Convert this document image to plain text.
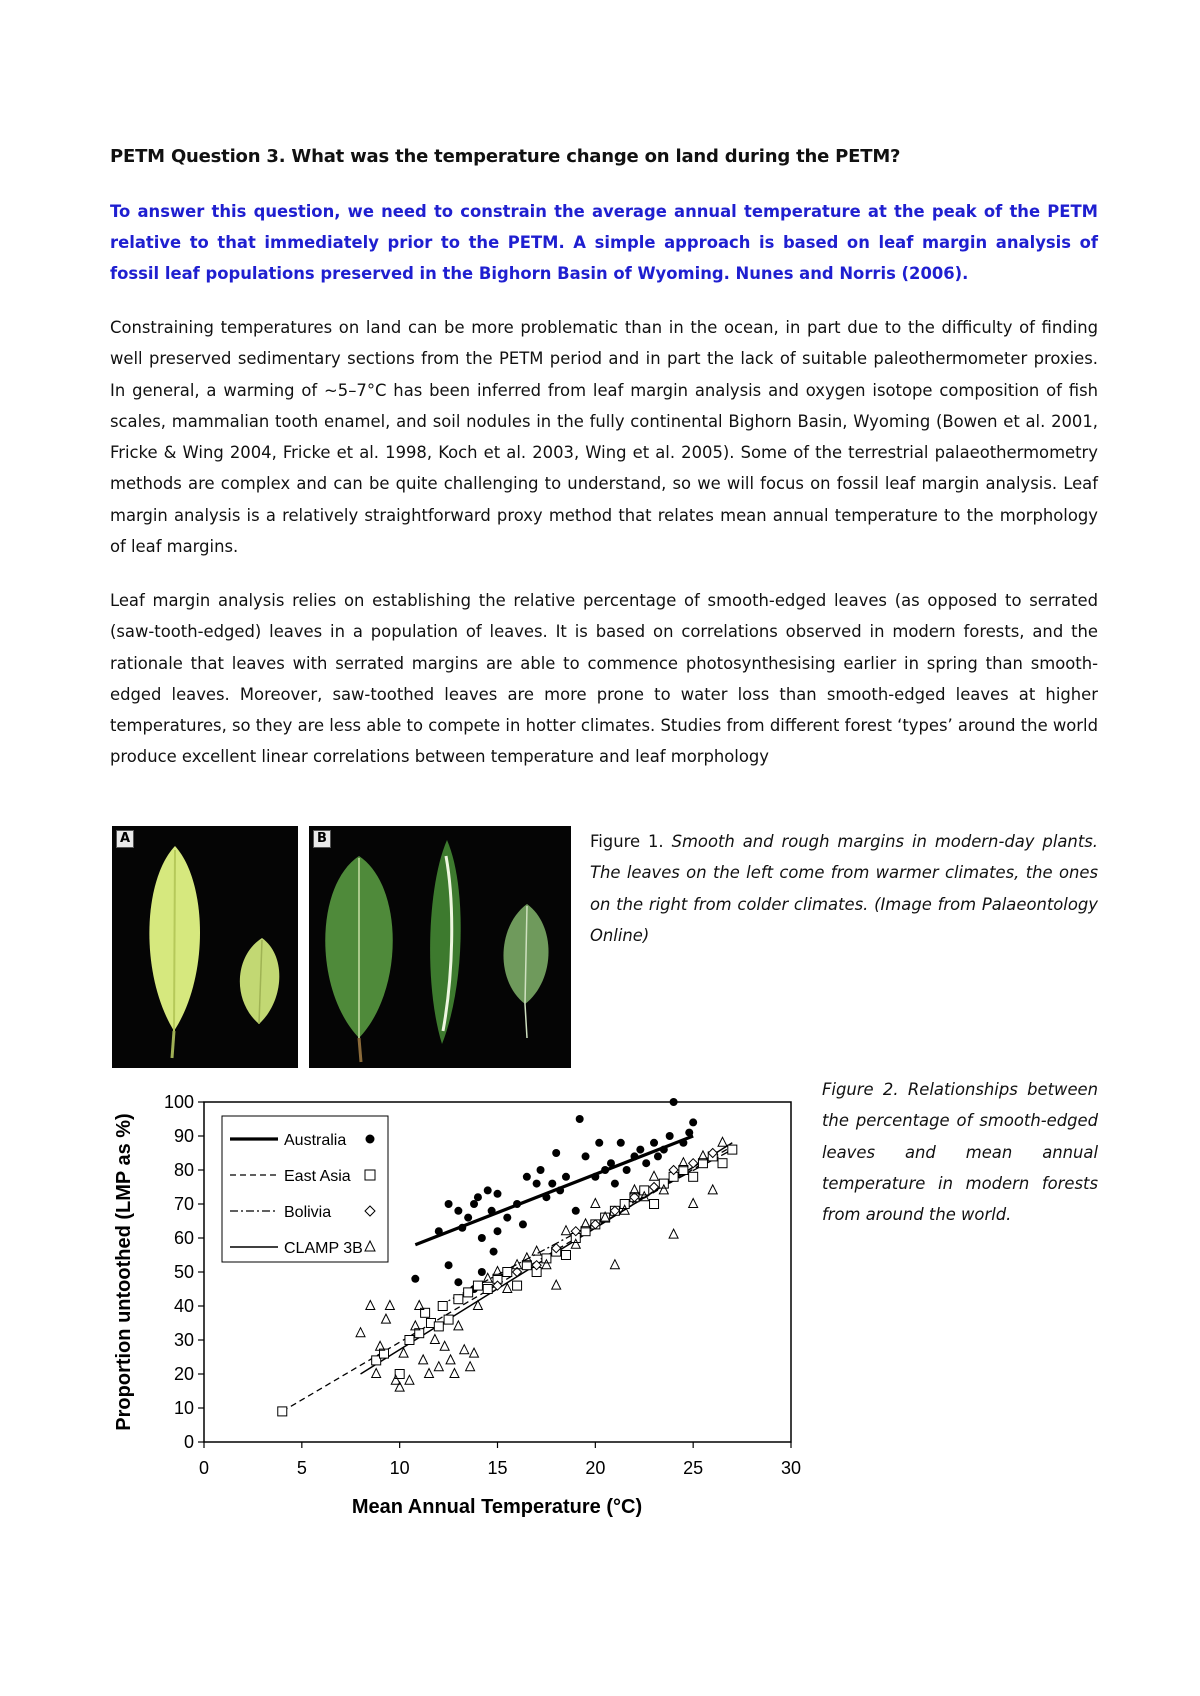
PETM Question 3. What was the temperature change on land during the PETM?
To answer this question, we need to constrain the average annual temperature at the peak of the PETM relative to that immediately prior to the PETM. A simple approach is based on leaf margin analysis of fossil leaf populations preserved in the Bighorn Basin of Wyoming. Nunes and Norris (2006).
Constraining temperatures on land can be more problematic than in the ocean, in part due to the difficulty of finding well preserved sedimentary sections from the PETM period and in part the lack of suitable paleothermometer proxies. In general, a warming of ~5–7°C has been inferred from leaf margin analysis and oxygen isotope composition of fish scales, mammalian tooth enamel, and soil nodules in the fully continental Bighorn Basin, Wyoming (Bowen et al. 2001, Fricke & Wing 2004, Fricke et al. 1998, Koch et al. 2003, Wing et al. 2005). Some of the terrestrial palaeothermometry methods are complex and can be quite challenging to understand, so we will focus on fossil leaf margin analysis. Leaf margin analysis is a relatively straightforward proxy method that relates mean annual temperature to the morphology of leaf margins.
Leaf margin analysis relies on establishing the relative percentage of smooth-edged leaves (as opposed to serrated (saw-tooth-edged) leaves in a population of leaves. It is based on correlations observed in modern forests, and the rationale that leaves with serrated margins are able to commence photosynthesising earlier in spring than smooth-edged leaves. Moreover, saw-toothed leaves are more prone to water loss than smooth-edged leaves at higher temperatures, so they are less able to compete in hotter climates. Studies from different forest ‘types’ around the world produce excellent linear correlations between temperature and leaf morphology
A	B	Figure 1. Smooth and rough margins in modern-day plants. The leaves on the left come from warmer climates, the ones on the right from colder climates. (Image from Palaeontology Online)
Figure 2. Relationships between the percentage of smooth-edged leaves and mean annual temperature in modern forests from around the world.
0	5	10	15	20	25	30
0
10
20
30
40
50
60
70
80
90
100
Mean Annual Temperature (°C)
Proportion untoothed (LMP as %)	Australia
East Asia
Bolivia
CLAMP 3B
